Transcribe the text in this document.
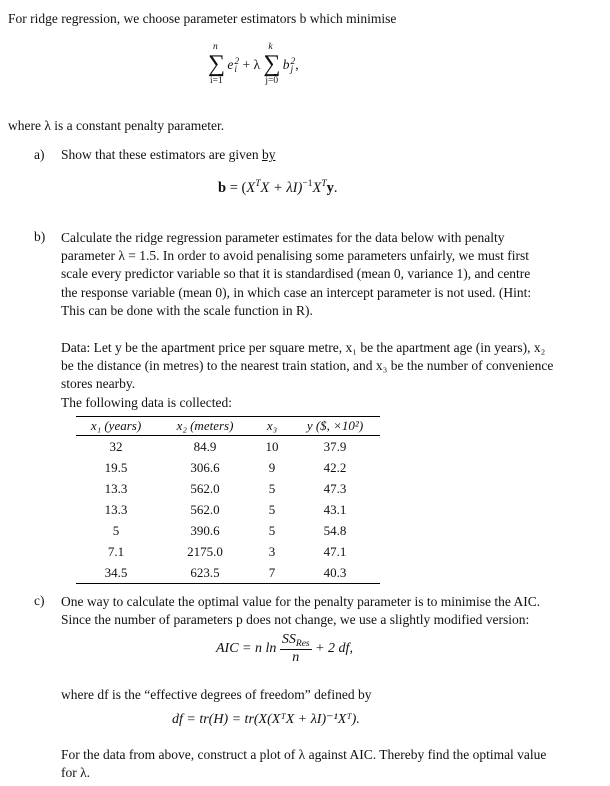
For ridge regression, we choose parameter estimators b which minimise
n
∑
i=1
e 2
i + λ
k
∑
j=0
b 2
j ,
where λ is a constant penalty parameter.
a) Show that these estimators are given by
$b = (X^TX + \lambda I)^{-1}X^Ty$.
b) Calculate the ridge regression parameter estimates for the data below with penalty
parameter λ = 1.5. In order to avoid penalising some parameters unfairly, we must first
scale every predictor variable so that it is standardised (mean 0, variance 1), and centre
the response variable (mean 0), in which case an intercept parameter is not used. (Hint:
This can be done with the scale function in R).
Data: Let y be the apartment price per square metre, x₁ be the apartment age (in years), x₂
be the distance (in metres) to the nearest train station, and x₃ be the number of convenience
stores nearby.
The following data is collected:
x₁ (years)	x₂ (meters)	x₃	y ($, ×10²)
32	84.9	10	37.9
19.5	306.6	9	42.2
13.3	562.0	5	47.3
13.3	562.0	5	43.1
5	390.6	5	54.8
7.1	2175.0	3	47.1
34.5	623.5	7	40.3
c) One way to calculate the optimal value for the penalty parameter is to minimise the AIC.
Since the number of parameters p does not change, we use a slightly modified version:
AIC = n $\ln \frac{SS_{Res}}{n} + 2$ df,
where df is the “effective degrees of freedom” defined by
df = tr(H) = tr(X(XᵀX + λI)⁻¹Xᵀ).
For the data from above, construct a plot of λ against AIC. Thereby find the optimal value
for λ.
